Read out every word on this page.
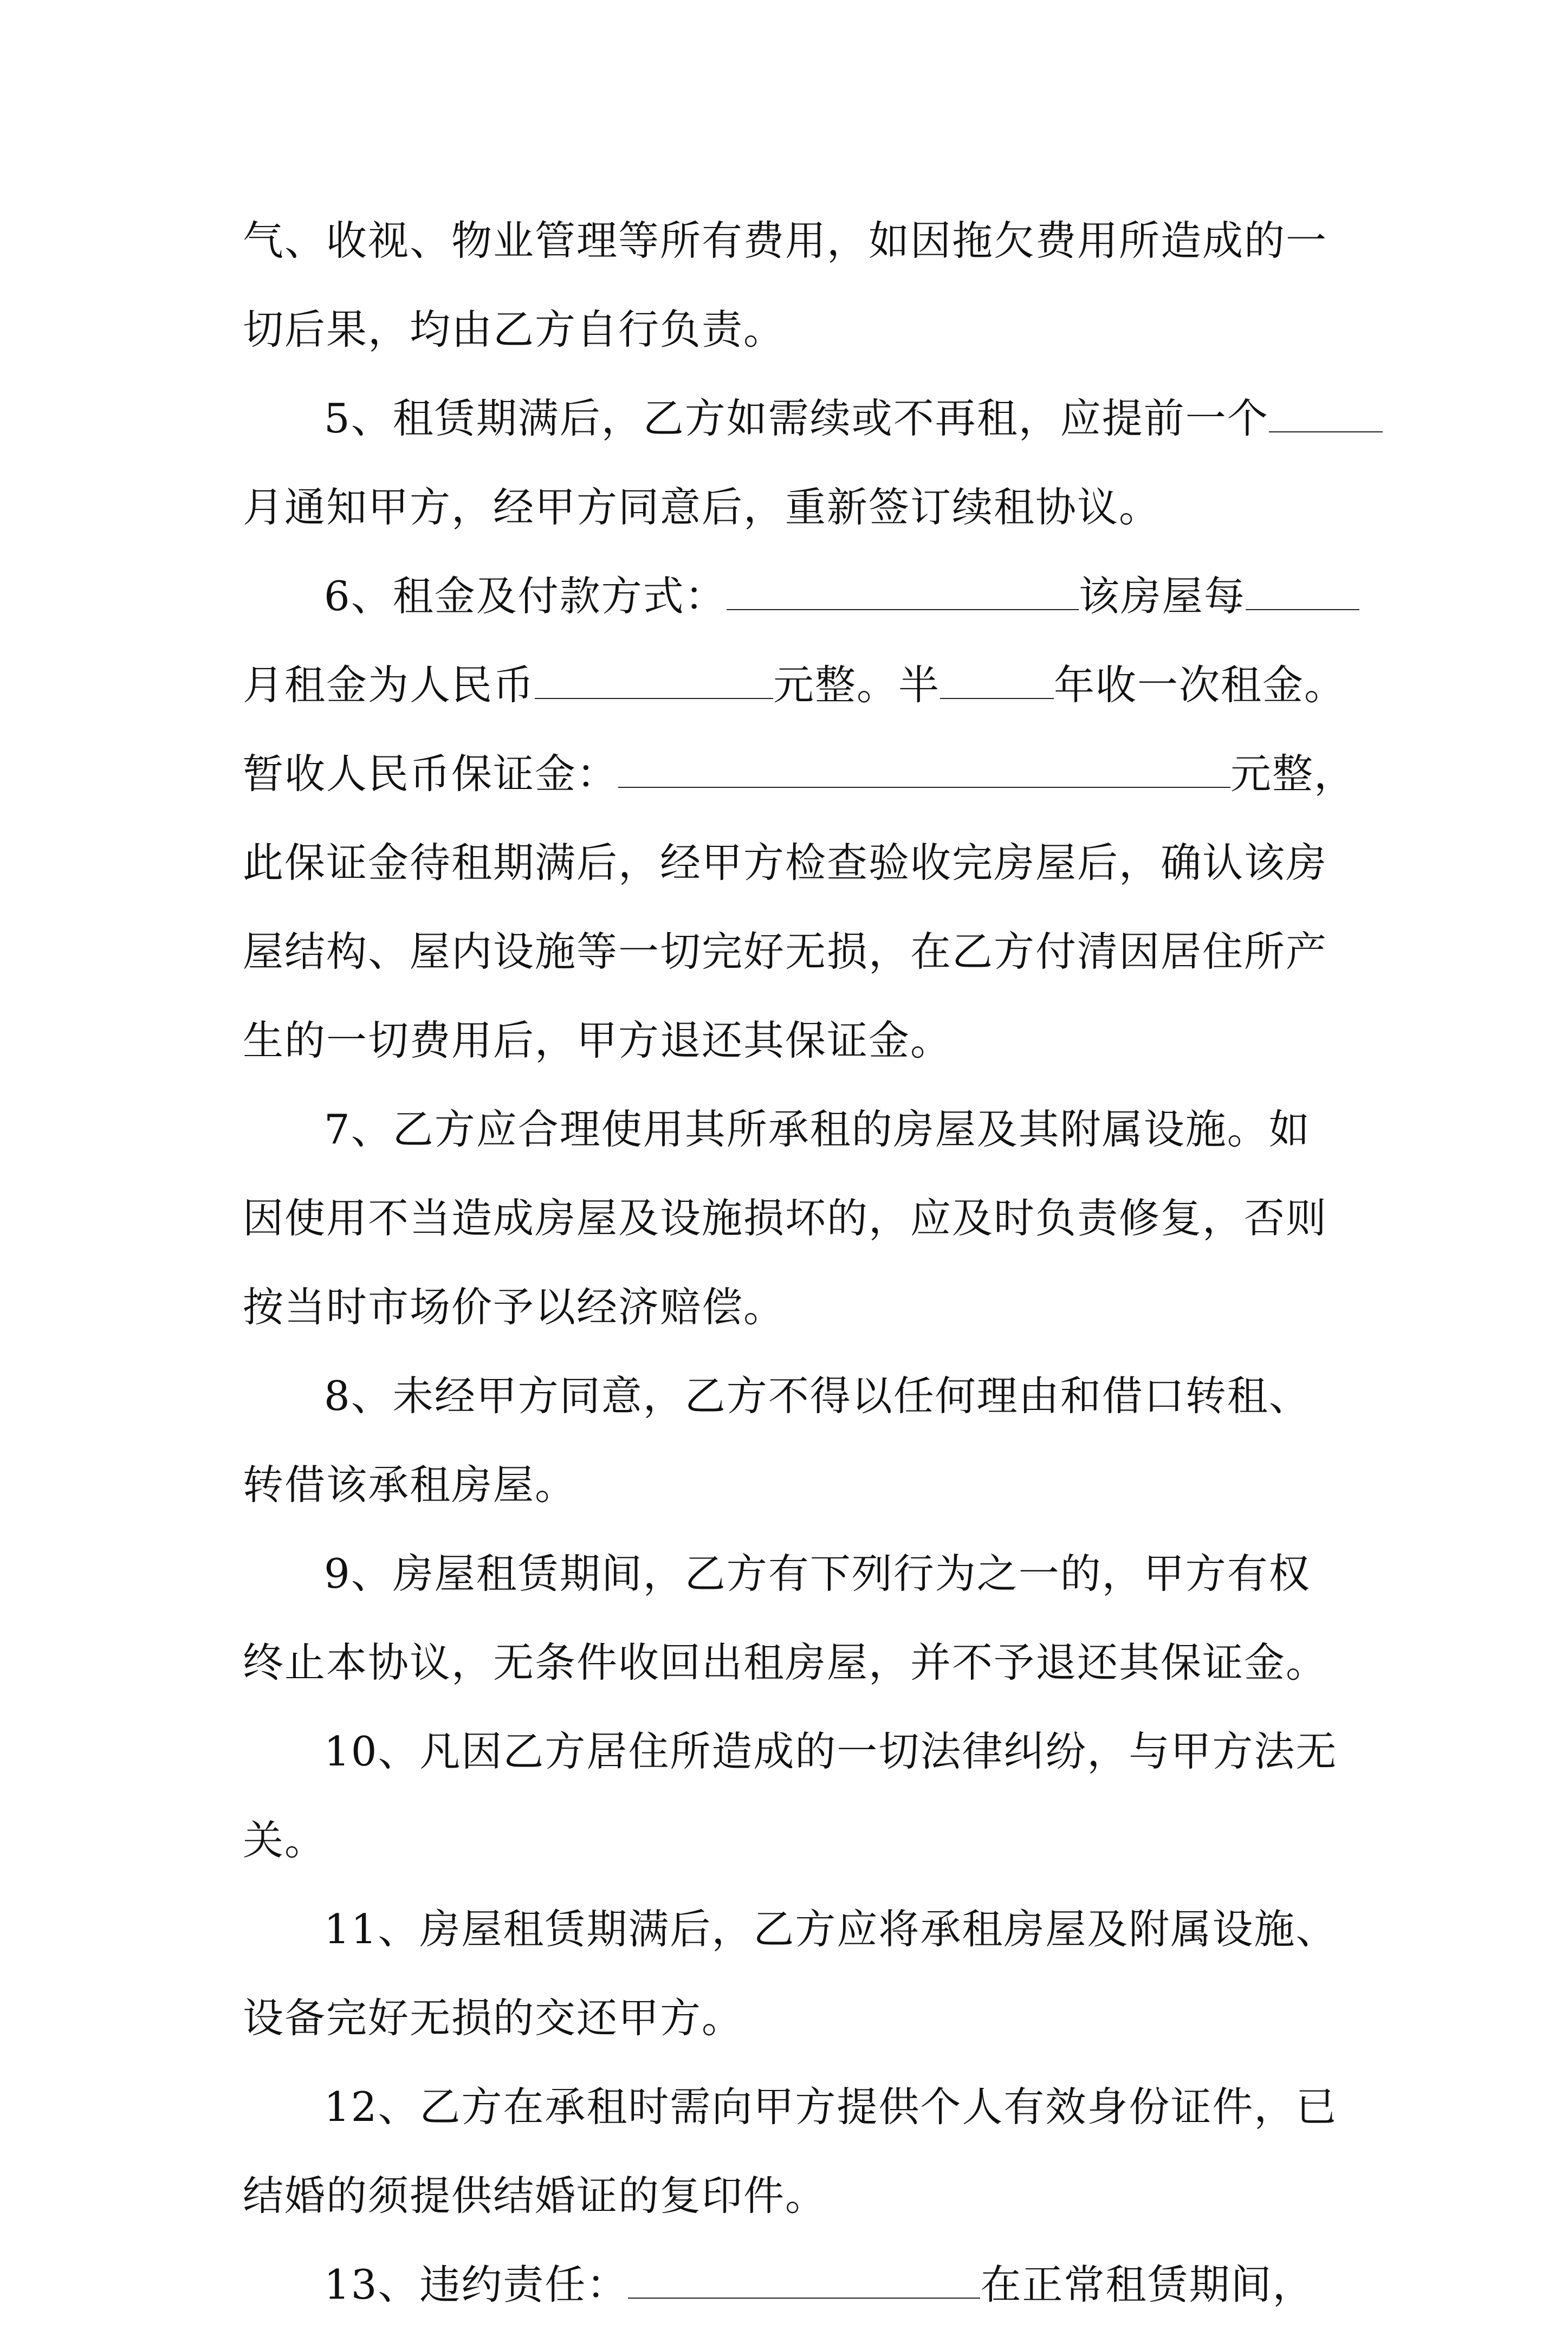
气、收视、物业管理等所有费用，如因拖欠费用所造成的一
切后果，均由乙方自行负责。
5、租赁期满后，乙方如需续或不再租，应提前一个
月通知甲方，经甲方同意后，重新签订续租协议。
6、租金及付款方式：	该房屋每
月租金为人民币	元整。半	年收一次租金。
暂收人民币保证金：	元整，
此保证金待租期满后，经甲方检查验收完房屋后，确认该房
屋结构、屋内设施等一切完好无损，在乙方付清因居住所产
生的一切费用后，甲方退还其保证金。
7、乙方应合理使用其所承租的房屋及其附属设施。如
因使用不当造成房屋及设施损坏的，应及时负责修复，否则
按当时市场价予以经济赔偿。
8、未经甲方同意，乙方不得以任何理由和借口转租、
转借该承租房屋。
9、房屋租赁期间，乙方有下列行为之一的，甲方有权
终止本协议，无条件收回出租房屋，并不予退还其保证金。
10、凡因乙方居住所造成的一切法律纠纷，与甲方法无
关。
11、房屋租赁期满后，乙方应将承租房屋及附属设施、
设备完好无损的交还甲方。
12、乙方在承租时需向甲方提供个人有效身份证件，已
结婚的须提供结婚证的复印件。
13、违约责任：	在正常租赁期间，
